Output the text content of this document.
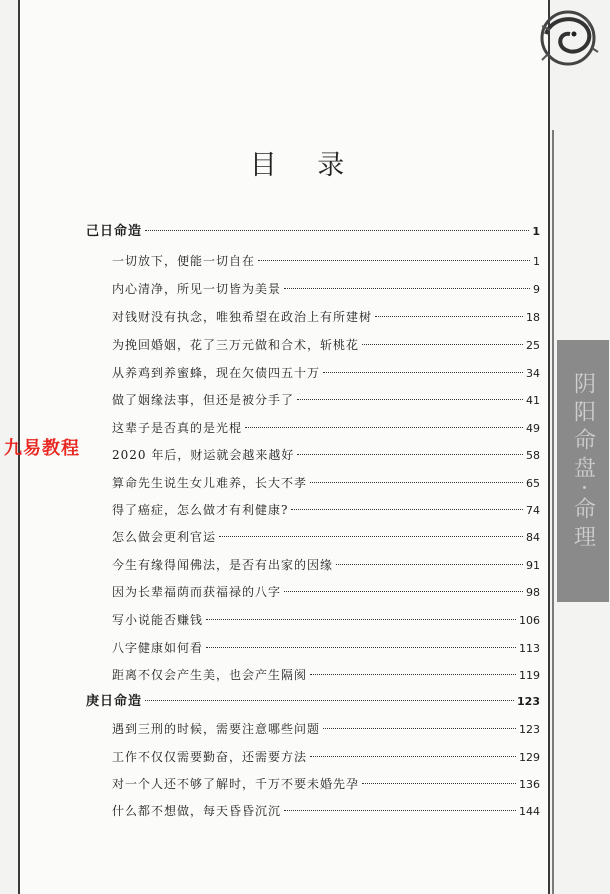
阴阳命盘·命理
目 录
己日命造	1
一切放下，便能一切自在	1
内心清净，所见一切皆为美景	9
对钱财没有执念，唯独希望在政治上有所建树	18
为挽回婚姻，花了三万元做和合术，斩桃花	25
从养鸡到养蜜蜂，现在欠债四五十万	34
做了姻缘法事，但还是被分手了	41
这辈子是否真的是光棍	49
2020 年后，财运就会越来越好	58
算命先生说生女儿难养，长大不孝	65
得了癌症，怎么做才有利健康?	74
怎么做会更利官运	84
今生有缘得闻佛法，是否有出家的因缘	91
因为长辈福荫而获福禄的八字	98
写小说能否赚钱	106
八字健康如何看	113
距离不仅会产生美，也会产生隔阂	119
庚日命造	123
遇到三刑的时候，需要注意哪些问题	123
工作不仅仅需要勤奋，还需要方法	129
对一个人还不够了解时，千万不要未婚先孕	136
什么都不想做，每天昏昏沉沉	144
九易教程
